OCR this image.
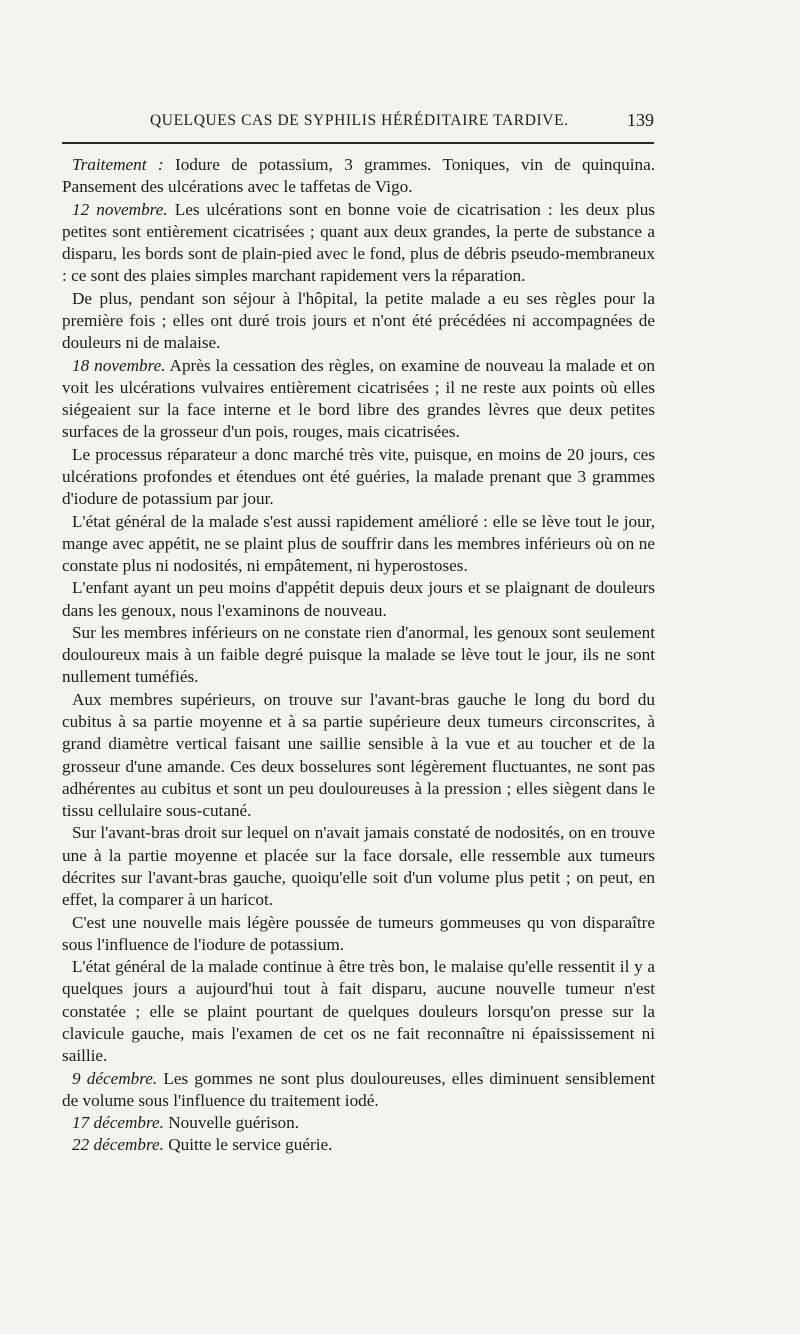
QUELQUES CAS DE SYPHILIS HÉRÉDITAIRE TARDIVE.	139

Traitement : Iodure de potassium, 3 grammes. Toniques, vin de quinquina. Pansement des ulcérations avec le taffetas de Vigo.

12 novembre. Les ulcérations sont en bonne voie de cicatrisation : les deux plus petites sont entièrement cicatrisées ; quant aux deux grandes, la perte de substance a disparu, les bords sont de plain-pied avec le fond, plus de débris pseudo-membraneux : ce sont des plaies simples marchant rapidement vers la réparation.

De plus, pendant son séjour à l'hôpital, la petite malade a eu ses règles pour la première fois ; elles ont duré trois jours et n'ont été précédées ni accompagnées de douleurs ni de malaise.

18 novembre. Après la cessation des règles, on examine de nouveau la malade et on voit les ulcérations vulvaires entièrement cicatrisées ; il ne reste aux points où elles siégeaient sur la face interne et le bord libre des grandes lèvres que deux petites surfaces de la grosseur d'un pois, rouges, mais cicatrisées.

Le processus réparateur a donc marché très vite, puisque, en moins de 20 jours, ces ulcérations profondes et étendues ont été guéries, la malade prenant que 3 grammes d'iodure de potassium par jour.

L'état général de la malade s'est aussi rapidement amélioré : elle se lève tout le jour, mange avec appétit, ne se plaint plus de souffrir dans les membres inférieurs où on ne constate plus ni nodosités, ni empâtement, ni hyperostoses.

L'enfant ayant un peu moins d'appétit depuis deux jours et se plaignant de douleurs dans les genoux, nous l'examinons de nouveau.

Sur les membres inférieurs on ne constate rien d'anormal, les genoux sont seulement douloureux mais à un faible degré puisque la malade se lève tout le jour, ils ne sont nullement tuméfiés.

Aux membres supérieurs, on trouve sur l'avant-bras gauche le long du bord du cubitus à sa partie moyenne et à sa partie supérieure deux tumeurs circonscrites, à grand diamètre vertical faisant une saillie sensible à la vue et au toucher et de la grosseur d'une amande. Ces deux bosselures sont légèrement fluctuantes, ne sont pas adhérentes au cubitus et sont un peu douloureuses à la pression ; elles siègent dans le tissu cellulaire sous-cutané.

Sur l'avant-bras droit sur lequel on n'avait jamais constaté de nodosités, on en trouve une à la partie moyenne et placée sur la face dorsale, elle ressemble aux tumeurs décrites sur l'avant-bras gauche, quoiqu'elle soit d'un volume plus petit ; on peut, en effet, la comparer à un haricot.

C'est une nouvelle mais légère poussée de tumeurs gommeuses qu von disparaître sous l'influence de l'iodure de potassium.

L'état général de la malade continue à être très bon, le malaise qu'elle ressentit il y a quelques jours a aujourd'hui tout à fait disparu, aucune nouvelle tumeur n'est constatée ; elle se plaint pourtant de quelques douleurs lorsqu'on presse sur la clavicule gauche, mais l'examen de cet os ne fait reconnaître ni épaississement ni saillie.

9 décembre. Les gommes ne sont plus douloureuses, elles diminuent sensiblement de volume sous l'influence du traitement iodé.

17 décembre. Nouvelle guérison.

22 décembre. Quitte le service guérie.
